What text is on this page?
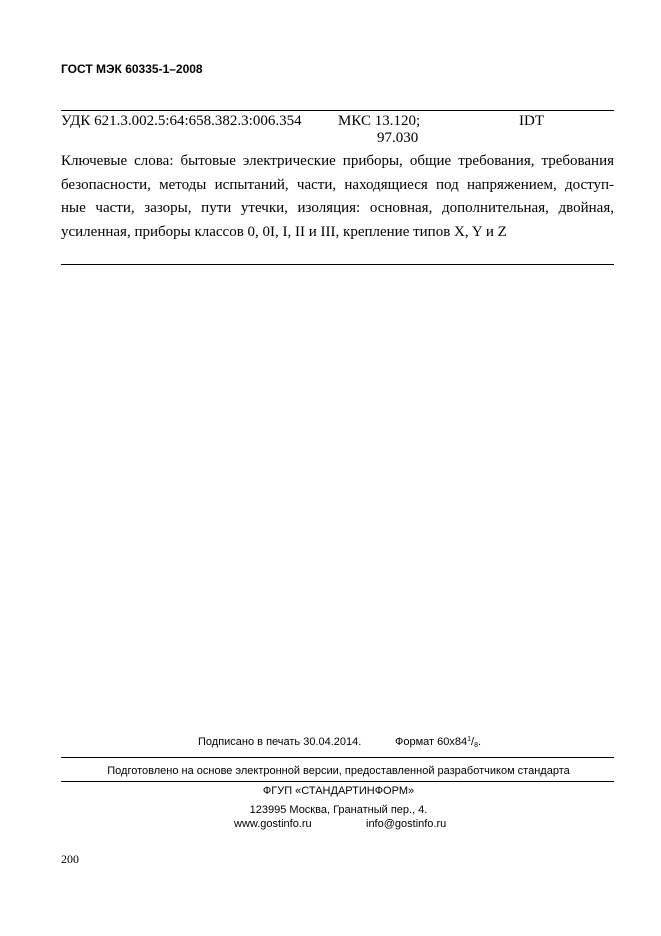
ГОСТ МЭК 60335-1–2008
УДК 621.3.002.5:64:658.382.3:006.354 МКС 13.120;
97.030
IDT
Ключевые слова: бытовые электрические приборы, общие требования, требования
безопасности, методы испытаний, части, находящиеся под напряжением, доступ-
ные части, зазоры, пути утечки, изоляция: основная, дополнительная, двойная,
усиленная, приборы классов 0, 0I, I, II и III, крепление типов X, Y и Z
Подписано в печать 30.04.2014.	Формат $60х84^1/_8$.
Подготовлено на основе электронной версии, предоставленной разработчиком стандарта
ФГУП «СТАНДАРТИНФОРМ»
123995 Москва, Гранатный пер., 4.
www.gostinfo.ru	info@gostinfo.ru
200
